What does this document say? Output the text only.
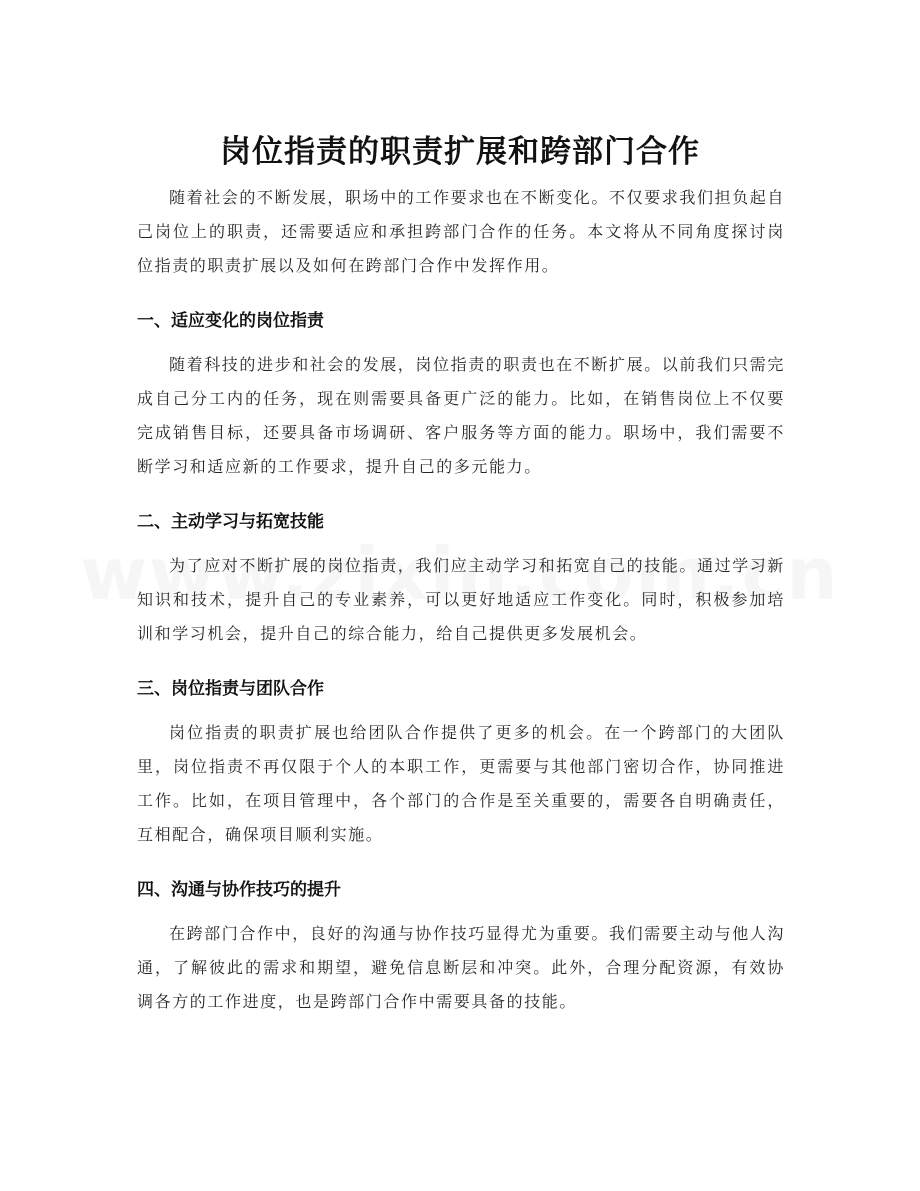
岗位指责的职责扩展和跨部门合作

随着社会的不断发展，职场中的工作要求也在不断变化。不仅要求我们担负起自己岗位上的职责，还需要适应和承担跨部门合作的任务。本文将从不同角度探讨岗位指责的职责扩展以及如何在跨部门合作中发挥作用。

一、适应变化的岗位指责

随着科技的进步和社会的发展，岗位指责的职责也在不断扩展。以前我们只需完成自己分工内的任务，现在则需要具备更广泛的能力。比如，在销售岗位上不仅要完成销售目标，还要具备市场调研、客户服务等方面的能力。职场中，我们需要不断学习和适应新的工作要求，提升自己的多元能力。

二、主动学习与拓宽技能

为了应对不断扩展的岗位指责，我们应主动学习和拓宽自己的技能。通过学习新知识和技术，提升自己的专业素养，可以更好地适应工作变化。同时，积极参加培训和学习机会，提升自己的综合能力，给自己提供更多发展机会。

三、岗位指责与团队合作

岗位指责的职责扩展也给团队合作提供了更多的机会。在一个跨部门的大团队里，岗位指责不再仅限于个人的本职工作，更需要与其他部门密切合作，协同推进工作。比如，在项目管理中，各个部门的合作是至关重要的，需要各自明确责任，互相配合，确保项目顺利实施。

四、沟通与协作技巧的提升

在跨部门合作中，良好的沟通与协作技巧显得尤为重要。我们需要主动与他人沟通，了解彼此的需求和期望，避免信息断层和冲突。此外，合理分配资源，有效协调各方的工作进度，也是跨部门合作中需要具备的技能。
